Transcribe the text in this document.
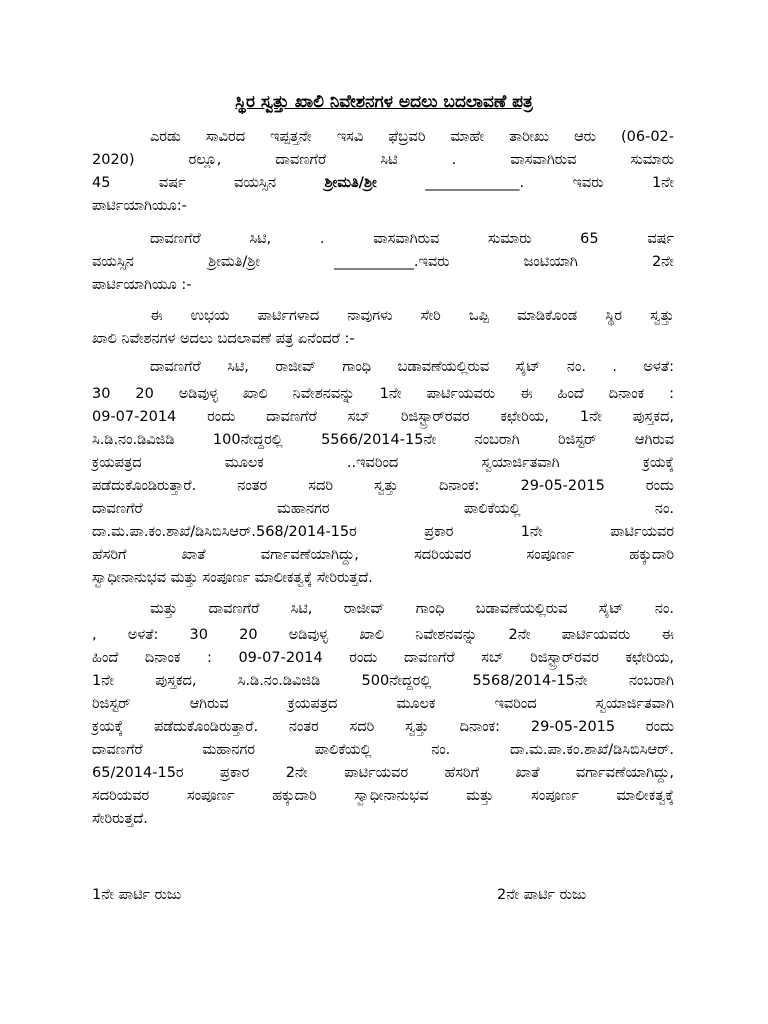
ಸ್ಥಿರ ಸ್ವತ್ತು ಖಾಲಿ ನಿವೇಶನಗಳ ಅದಲು ಬದಲಾವಣೆ ಪತ್ರ
ಎರಡು ಸಾವಿರದ ಇಪ್ಪತ್ತನೇ ಇಸವಿ ಫೆಬ್ರವರಿ ಮಾಹೇ ತಾರೀಖು ಆರು (06-02-
2020) ರಲ್ಲೂ, ದಾವಣಗೆರೆ ಸಿಟಿ . ವಾಸವಾಗಿರುವ ಸುಮಾರು
45 ವರ್ಷ ವಯಸ್ಸಿನ ಶ್ರೀಮತಿ/ಶ್ರೀ _____________. ಇವರು 1ನೇ
ಪಾರ್ಟಿಯಾಗಿಯೂ:-
ದಾವಣಗೆರೆ ಸಿಟಿ, . ವಾಸವಾಗಿರುವ ಸುಮಾರು 65 ವರ್ಷ
ವಯಸ್ಸಿನ ಶ್ರೀಮತಿ/ಶ್ರೀ ___________.ಇವರು ಜಂಟಿಯಾಗಿ 2ನೇ
ಪಾರ್ಟಿಯಾಗಿಯೂ :-
ಈ ಉಭಯ ಪಾರ್ಟಿಗಳಾದ ನಾವುಗಳು ಸೇರಿ ಒಪ್ಪಿ ಮಾಡಿಕೊಂಡ ಸ್ಥಿರ ಸ್ವತ್ತು
ಖಾಲಿ ನಿವೇಶನಗಳ ಅದಲು ಬದಲಾವಣೆ ಪತ್ರ ಏನೆಂದರೆ :-
ದಾವಣಗೆರೆ ಸಿಟಿ, ರಾಜೀವ್ ಗಾಂಧಿ ಬಡಾವಣೆಯಲ್ಲಿರುವ ಸೈಟ್ ನಂ. . ಅಳತೆ:
30 20 ಅಡಿವುಳ್ಳ ಖಾಲಿ ನಿವೇಶನವನ್ನು 1ನೇ ಪಾರ್ಟಿಯವರು ಈ ಹಿಂದೆ ದಿನಾಂಕ :
09-07-2014 ರಂದು ದಾವಣಗೆರೆ ಸಬ್ ರಿಜಿಸ್ಟ್ರಾರ್‌ರವರ ಕಛೇರಿಯ, 1ನೇ ಪುಸ್ತಕದ,
ಸಿ.ಡಿ.ನಂ.ಡಿವಿಜಿಡಿ 100ನೇದ್ದರಲ್ಲಿ 5566/2014-15ನೇ ನಂಬರಾಗಿ ರಿಜಿಸ್ಟರ್ ಆಗಿರುವ
ಕ್ರಯಪತ್ರದ ಮೂಲಕ ..ಇವರಿಂದ ಸ್ವಯಾರ್ಜಿತವಾಗಿ ಕ್ರಯಕ್ಕೆ
ಪಡೆದುಕೊಂಡಿರುತ್ತಾರೆ. ನಂತರ ಸದರಿ ಸ್ವತ್ತು ದಿನಾಂಕ: 29-05-2015 ರಂದು
ದಾವಣಗೆರೆ ಮಹಾನಗರ ಪಾಲಿಕೆಯಲ್ಲಿ ನಂ.
ದಾ.ಮ.ಪಾ.ಕಂ.ಶಾಖೆ/ಡಿಸಿಬಿಸಿಆರ್.568/2014-15ರ ಪ್ರಕಾರ 1ನೇ ಪಾರ್ಟಿಯವರ
ಹೆಸರಿಗೆ ಖಾತೆ ವರ್ಗಾವಣೆಯಾಗಿದ್ದು, ಸದರಿಯವರ ಸಂಪೂರ್ಣ ಹಕ್ಕುದಾರಿ
ಸ್ವಾಧೀನಾನುಭವ ಮತ್ತು ಸಂಪೂರ್ಣ ಮಾಲೀಕತ್ವಕ್ಕೆ ಸೇರಿರುತ್ತದೆ.
ಮತ್ತು ದಾವಣಗೆರೆ ಸಿಟಿ, ರಾಜೀವ್ ಗಾಂಧಿ ಬಡಾವಣೆಯಲ್ಲಿರುವ ಸೈಟ್ ನಂ.
, ಅಳತೆ: 30 20 ಅಡಿವುಳ್ಳ ಖಾಲಿ ನಿವೇಶನವನ್ನು 2ನೇ ಪಾರ್ಟಿಯವರು ಈ
ಹಿಂದೆ ದಿನಾಂಕ : 09-07-2014 ರಂದು ದಾವಣಗೆರೆ ಸಬ್ ರಿಜಿಸ್ಟ್ರಾರ್‌ರವರ ಕಛೇರಿಯ,
1ನೇ ಪುಸ್ತಕದ, ಸಿ.ಡಿ.ನಂ.ಡಿವಿಜಿಡಿ 500ನೇದ್ದರಲ್ಲಿ 5568/2014-15ನೇ ನಂಬರಾಗಿ
ರಿಜಿಸ್ಟರ್ ಆಗಿರುವ ಕ್ರಯಪತ್ರದ ಮೂಲಕ ಇವರಿಂದ ಸ್ವಯಾರ್ಜಿತವಾಗಿ
ಕ್ರಯಕ್ಕೆ ಪಡೆದುಕೊಂಡಿರುತ್ತಾರೆ. ನಂತರ ಸದರಿ ಸ್ವತ್ತು ದಿನಾಂಕ: 29-05-2015 ರಂದು
ದಾವಣಗೆರೆ ಮಹಾನಗರ ಪಾಲಿಕೆಯಲ್ಲಿ ನಂ. ದಾ.ಮ.ಪಾ.ಕಂ.ಶಾಖೆ/ಡಿಸಿಬಿಸಿಆರ್.
65/2014-15ರ ಪ್ರಕಾರ 2ನೇ ಪಾರ್ಟಿಯವರ ಹೆಸರಿಗೆ ಖಾತೆ ವರ್ಗಾವಣೆಯಾಗಿದ್ದು,
ಸದರಿಯವರ ಸಂಪೂರ್ಣ ಹಕ್ಕುದಾರಿ ಸ್ವಾಧೀನಾನುಭವ ಮತ್ತು ಸಂಪೂರ್ಣ ಮಾಲೀಕತ್ವಕ್ಕೆ
ಸೇರಿರುತ್ತದೆ.
1ನೇ ಪಾರ್ಟಿ ರುಜು	2ನೇ ಪಾರ್ಟಿ ರುಜು
